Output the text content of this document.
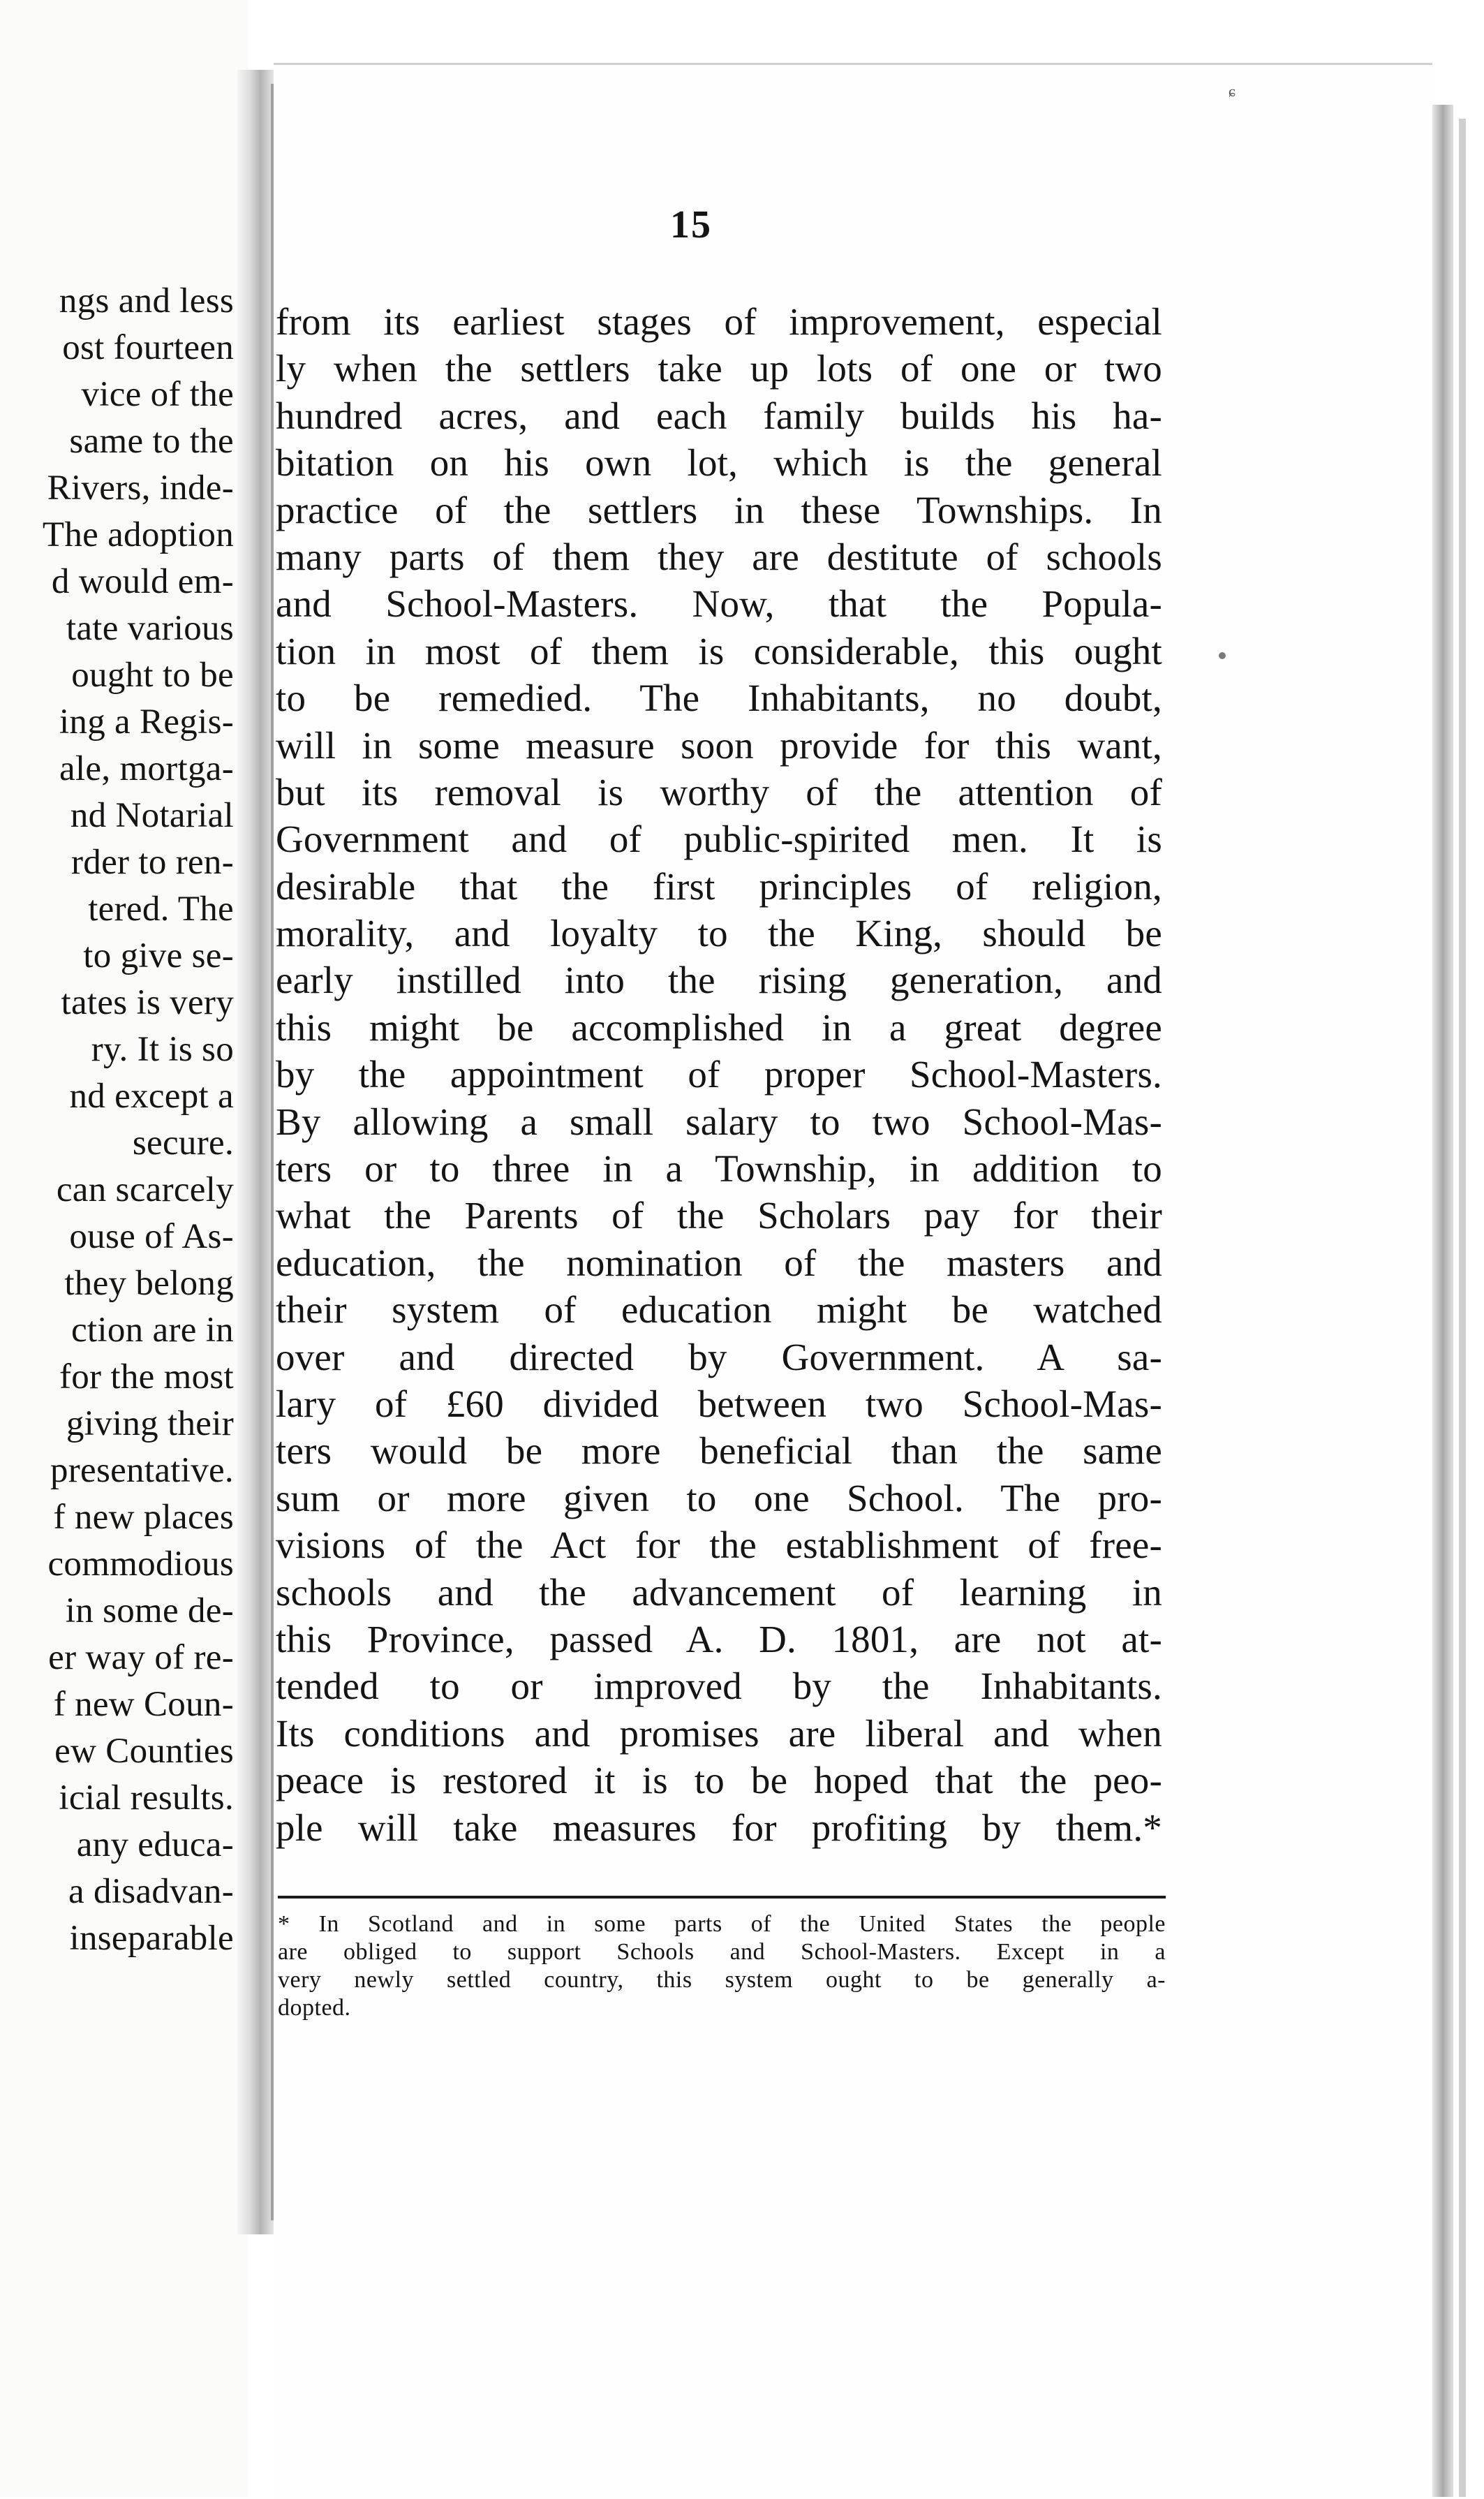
ngs and less
ost fourteen
vice of the
same to the
Rivers, inde-
The adoption
d would em-
tate various
ought to be
ing a Regis-
ale, mortga-
nd Notarial
rder to ren-
tered. The
to give se-
tates is very
ry. It is so
nd except a
secure.
can scarcely
ouse of As-
they belong
ction are in
for the most
giving their
presentative.
f new places
commodious
in some de-
er way of re-
f new Coun-
ew Counties
icial results.
any educa-
a disadvan-
inseparable
ɕ
15
from its earliest stages of improvement, especial
ly when the settlers take up lots of one or two
hundred acres, and each family builds his ha-
bitation on his own lot, which is the general
practice of the settlers in these Townships. In
many parts of them they are destitute of schools
and School-Masters. Now, that the Popula-
tion in most of them is considerable, this ought
to be remedied. The Inhabitants, no doubt,
will in some measure soon provide for this want,
but its removal is worthy of the attention of
Government and of public-spirited men. It is
desirable that the first principles of religion,
morality, and loyalty to the King, should be
early instilled into the rising generation, and
this might be accomplished in a great degree
by the appointment of proper School-Masters.
By allowing a small salary to two School-Mas-
ters or to three in a Township, in addition to
what the Parents of the Scholars pay for their
education, the nomination of the masters and
their system of education might be watched
over and directed by Government. A sa-
lary of £60 divided between two School-Mas-
ters would be more beneficial than the same
sum or more given to one School. The pro-
visions of the Act for the establishment of free-
schools and the advancement of learning in
this Province, passed A. D. 1801, are not at-
tended to or improved by the Inhabitants.
Its conditions and promises are liberal and when
peace is restored it is to be hoped that the peo-
ple will take measures for profiting by them.*
* In Scotland and in some parts of the United States the people
are obliged to support Schools and School-Masters. Except in a
very newly settled country, this system ought to be generally a-
dopted.
